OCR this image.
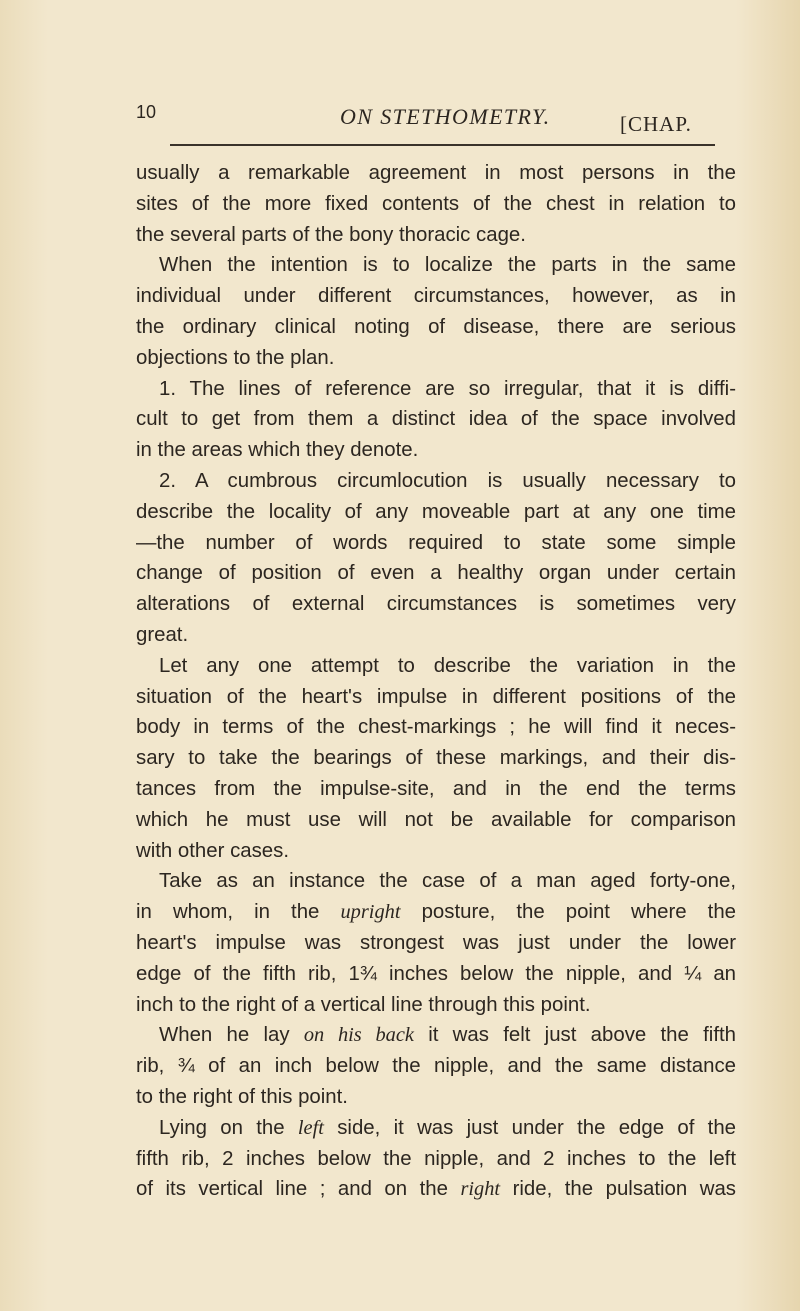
10	ON STETHOMETRY.	[CHAP.
usually a remarkable agreement in most persons in the
sites of the more fixed contents of the chest in relation to
the several parts of the bony thoracic cage.
When the intention is to localize the parts in the same
individual under different circumstances, however, as in
the ordinary clinical noting of disease, there are serious
objections to the plan.
1. The lines of reference are so irregular, that it is diffi-
cult to get from them a distinct idea of the space involved
in the areas which they denote.
2. A cumbrous circumlocution is usually necessary to
describe the locality of any moveable part at any one time
—the number of words required to state some simple
change of position of even a healthy organ under certain
alterations of external circumstances is sometimes very
great.
Let any one attempt to describe the variation in the
situation of the heart's impulse in different positions of the
body in terms of the chest-markings ; he will find it neces-
sary to take the bearings of these markings, and their dis-
tances from the impulse-site, and in the end the terms
which he must use will not be available for comparison
with other cases.
Take as an instance the case of a man aged forty-one,
in whom, in the upright posture, the point where the
heart's impulse was strongest was just under the lower
edge of the fifth rib, 1¾ inches below the nipple, and ¼ an
inch to the right of a vertical line through this point.
When he lay on his back it was felt just above the fifth
rib, ¾ of an inch below the nipple, and the same distance
to the right of this point.
Lying on the left side, it was just under the edge of the
fifth rib, 2 inches below the nipple, and 2 inches to the left
of its vertical line ; and on the right ride, the pulsation was
